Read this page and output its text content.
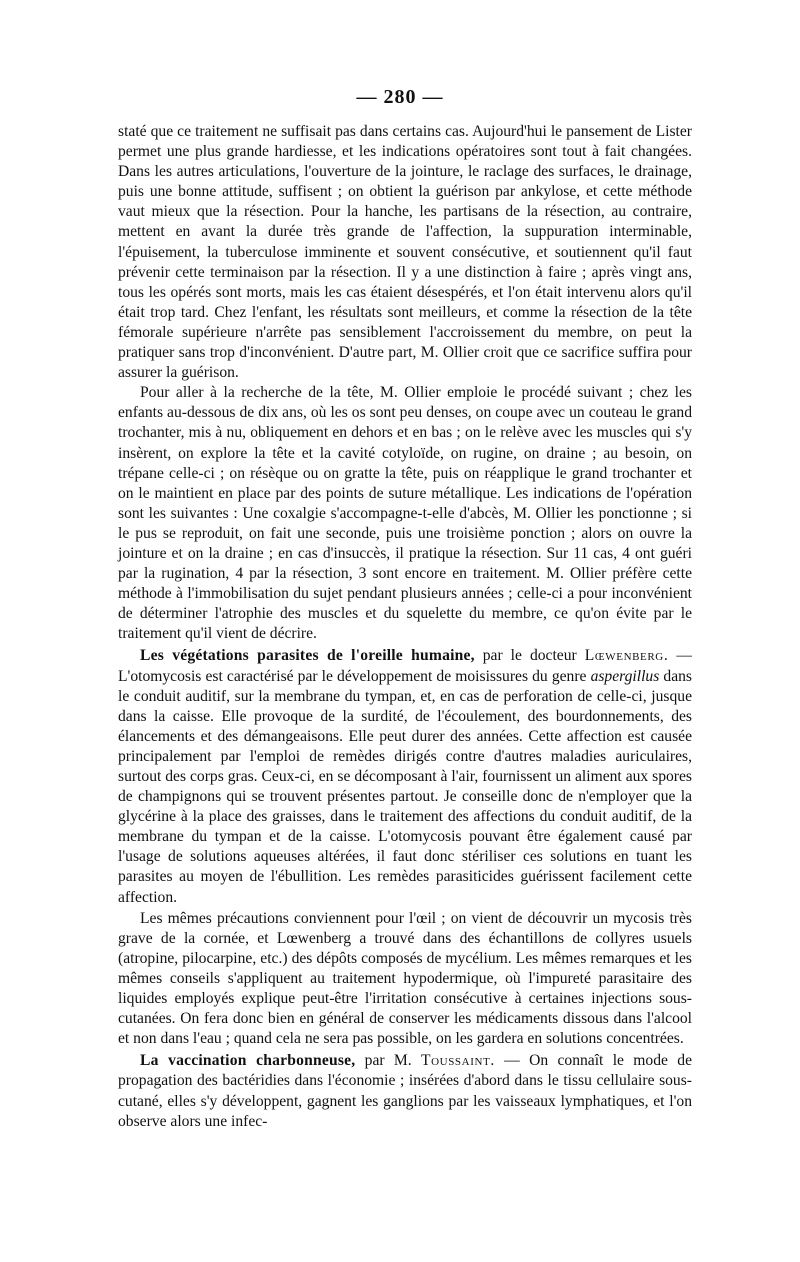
— 280 —

staté que ce traitement ne suffisait pas dans certains cas. Aujourd'hui le pansement de Lister permet une plus grande hardiesse, et les indications opératoires sont tout à fait changées. Dans les autres articulations, l'ouverture de la jointure, le raclage des surfaces, le drainage, puis une bonne attitude, suffisent ; on obtient la guérison par ankylose, et cette méthode vaut mieux que la résection. Pour la hanche, les partisans de la résection, au contraire, mettent en avant la durée très grande de l'affection, la suppuration interminable, l'épuisement, la tuberculose imminente et souvent consécutive, et soutiennent qu'il faut prévenir cette terminaison par la résection. Il y a une distinction à faire ; après vingt ans, tous les opérés sont morts, mais les cas étaient désespérés, et l'on était intervenu alors qu'il était trop tard. Chez l'enfant, les résultats sont meilleurs, et comme la résection de la tête fémorale supérieure n'arrête pas sensiblement l'accroissement du membre, on peut la pratiquer sans trop d'inconvénient. D'autre part, M. Ollier croit que ce sacrifice suffira pour assurer la guérison.

Pour aller à la recherche de la tête, M. Ollier emploie le procédé suivant ; chez les enfants au-dessous de dix ans, où les os sont peu denses, on coupe avec un couteau le grand trochanter, mis à nu, obliquement en dehors et en bas ; on le relève avec les muscles qui s'y insèrent, on explore la tête et la cavité cotyloïde, on rugine, on draine ; au besoin, on trépane celle-ci ; on résèque ou on gratte la tête, puis on réapplique le grand trochanter et on le maintient en place par des points de suture métallique. Les indications de l'opération sont les suivantes : Une coxalgie s'accompagne-t-elle d'abcès, M. Ollier les ponctionne ; si le pus se reproduit, on fait une seconde, puis une troisième ponction ; alors on ouvre la jointure et on la draine ; en cas d'insuccès, il pratique la résection. Sur 11 cas, 4 ont guéri par la rugination, 4 par la résection, 3 sont encore en traitement. M. Ollier préfère cette méthode à l'immobilisation du sujet pendant plusieurs années ; celle-ci a pour inconvénient de déterminer l'atrophie des muscles et du squelette du membre, ce qu'on évite par le traitement qu'il vient de décrire.

Les végétations parasites de l'oreille humaine, par le docteur Lœwenberg. — L'otomycosis est caractérisé par le développement de moisissures du genre aspergillus dans le conduit auditif, sur la membrane du tympan, et, en cas de perforation de celle-ci, jusque dans la caisse. Elle provoque de la surdité, de l'écoulement, des bourdonnements, des élancements et des démangeaisons. Elle peut durer des années. Cette affection est causée principalement par l'emploi de remèdes dirigés contre d'autres maladies auriculaires, surtout des corps gras. Ceux-ci, en se décomposant à l'air, fournissent un aliment aux spores de champignons qui se trouvent présentes partout. Je conseille donc de n'employer que la glycérine à la place des graisses, dans le traitement des affections du conduit auditif, de la membrane du tympan et de la caisse. L'otomycosis pouvant être également causé par l'usage de solutions aqueuses altérées, il faut donc stériliser ces solutions en tuant les parasites au moyen de l'ébullition. Les remèdes parasiticides guérissent facilement cette affection.

Les mêmes précautions conviennent pour l'œil ; on vient de découvrir un mycosis très grave de la cornée, et Lœwenberg a trouvé dans des échantillons de collyres usuels (atropine, pilocarpine, etc.) des dépôts composés de mycélium. Les mêmes remarques et les mêmes conseils s'appliquent au traitement hypodermique, où l'impureté parasitaire des liquides employés explique peut-être l'irritation consécutive à certaines injections sous-cutanées. On fera donc bien en général de conserver les médicaments dissous dans l'alcool et non dans l'eau ; quand cela ne sera pas possible, on les gardera en solutions concentrées.

La vaccination charbonneuse, par M. Toussaint. — On connaît le mode de propagation des bactéridies dans l'économie ; insérées d'abord dans le tissu cellulaire sous-cutané, elles s'y développent, gagnent les ganglions par les vaisseaux lymphatiques, et l'on observe alors une infec-
